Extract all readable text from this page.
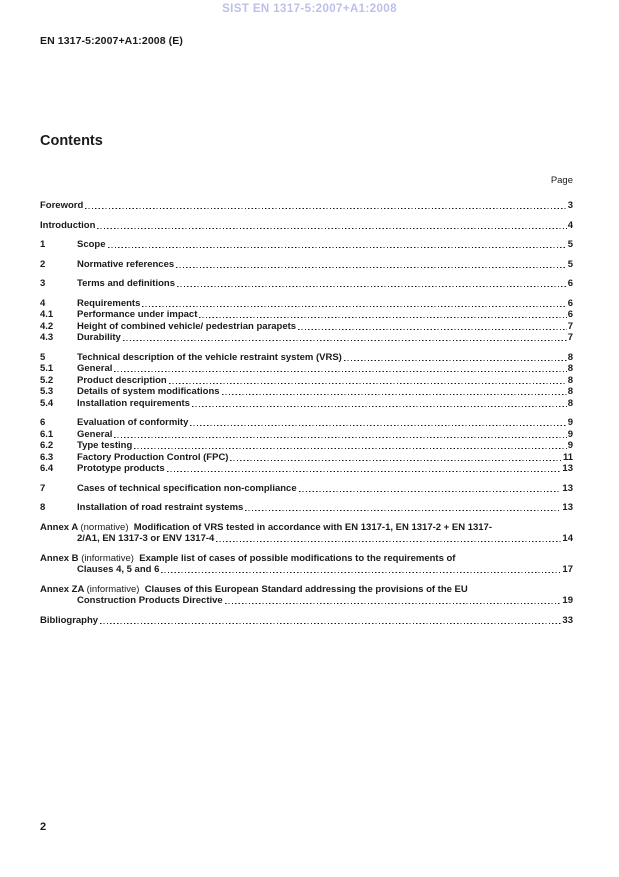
SIST EN 1317-5:2007+A1:2008
EN 1317-5:2007+A1:2008 (E)
Contents
Page
Foreword	3
Introduction	4
1	Scope	5
2	Normative references	5
3	Terms and definitions	6
4	Requirements	6
4.1	Performance under impact	6
4.2	Height of combined vehicle/ pedestrian parapets	7
4.3	Durability	7
5	Technical description of the vehicle restraint system (VRS)	8
5.1	General	8
5.2	Product description	8
5.3	Details of system modifications	8
5.4	Installation requirements	8
6	Evaluation of conformity	9
6.1	General	9
6.2	Type testing	9
6.3	Factory Production Control (FPC)	11
6.4	Prototype products	13
7	Cases of technical specification non-compliance	13
8	Installation of road restraint systems	13
Annex A (normative)  Modification of VRS tested in accordance with EN 1317-1, EN 1317-2 + EN 1317-
2/A1, EN 1317-3 or ENV 1317-4	14
Annex B (informative)  Example list of cases of possible modifications to the requirements of
Clauses 4, 5 and 6	17
Annex ZA (informative)  Clauses of this European Standard addressing the provisions of the EU
Construction Products Directive	19
Bibliography	33
2
